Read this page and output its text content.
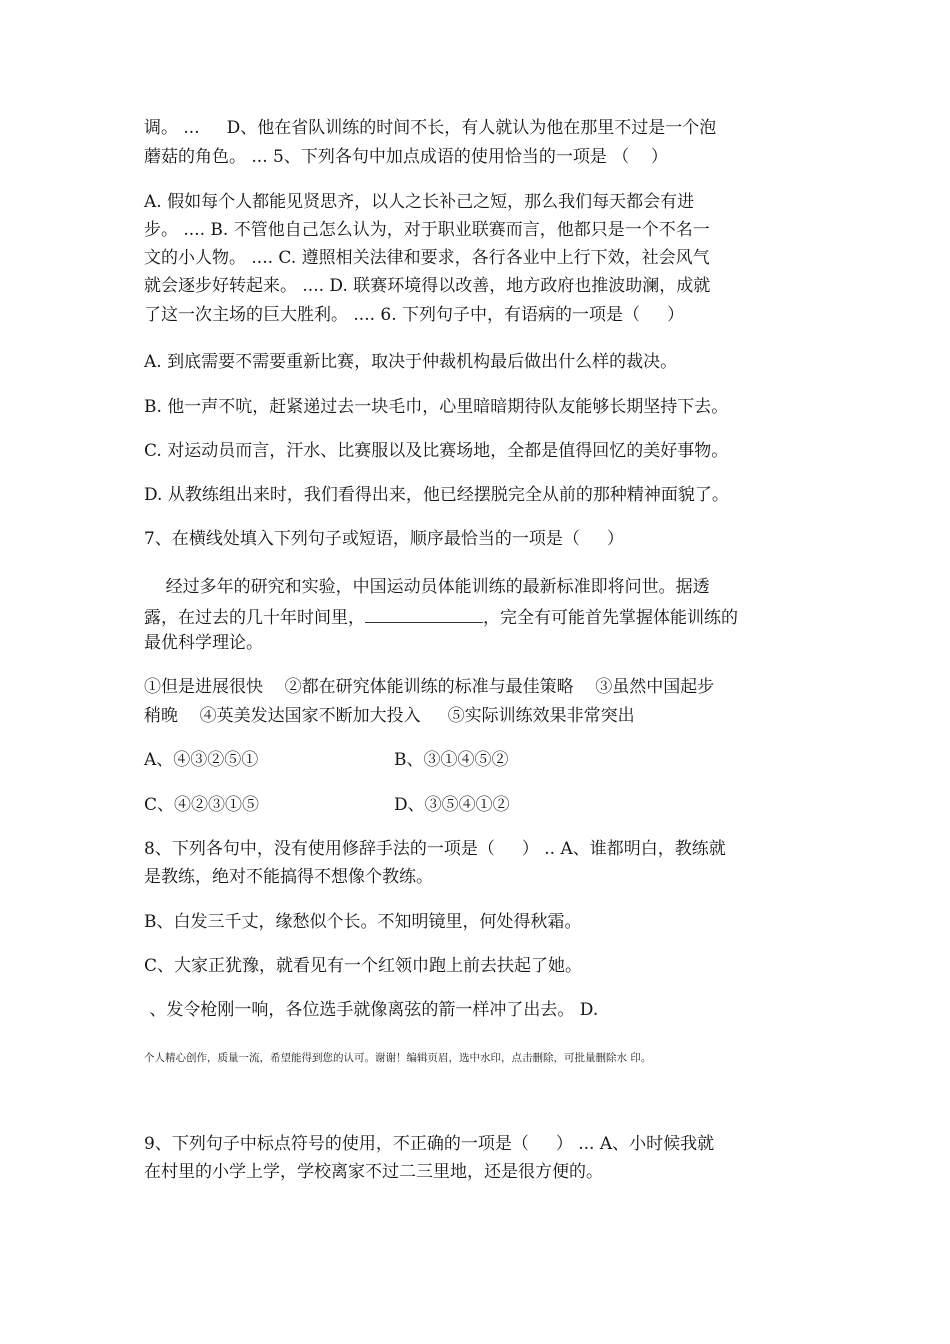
调。 ...     D、他在省队训练的时间不长，有人就认为他在那里不过是一个泡
蘑菇的角色。 ... 5、下列各句中加点成语的使用恰当的一项是 （    ）
A. 假如每个人都能见贤思齐，以人之长补己之短，那么我们每天都会有进
步。 .... B. 不管他自己怎么认为，对于职业联赛而言，他都只是一个不名一
文的小人物。 .... C. 遵照相关法律和要求，各行各业中上行下效，社会风气
就会逐步好转起来。 .... D. 联赛环境得以改善，地方政府也推波助澜，成就
了这一次主场的巨大胜利。 .... 6. 下列句子中，有语病的一项是（     ）
A. 到底需要不需要重新比赛，取决于仲裁机构最后做出什么样的裁决。
B. 他一声不吭，赶紧递过去一块毛巾，心里暗暗期待队友能够长期坚持下去。
C. 对运动员而言，汗水、比赛服以及比赛场地，全都是值得回忆的美好事物。
D. 从教练组出来时，我们看得出来，他已经摆脱完全从前的那种精神面貌了。
7、在横线处填入下列句子或短语，顺序最恰当的一项是（     ）
经过多年的研究和实验，中国运动员体能训练的最新标准即将问世。据透
露，在过去的几十年时间里，	，完全有可能首先掌握体能训练的
最优科学理论。
①但是进展很快    ②都在研究体能训练的标准与最佳策略    ③虽然中国起步
稍晚    ④英美发达国家不断加大投入     ⑤实际训练效果非常突出
A、④③②⑤①	B、③①④⑤②
C、④②③①⑤	D、③⑤④①②
8、下列各句中，没有使用修辞手法的一项是（     ） .. A、谁都明白，教练就
是教练，绝对不能搞得不想像个教练。
B、白发三千丈，缘愁似个长。不知明镜里，何处得秋霜。
C、大家正犹豫，就看见有一个红领巾跑上前去扶起了她。
、发令枪刚一响，各位选手就像离弦的箭一样冲了出去。 D.
个人精心创作，质量一流，希望能得到您的认可。谢谢！编辑页眉，选中水印，点击删除，可批量删除水 印。
9、下列句子中标点符号的使用，不正确的一项是（     ） ... A、小时候我就
在村里的小学上学，学校离家不过二三里地，还是很方便的。
